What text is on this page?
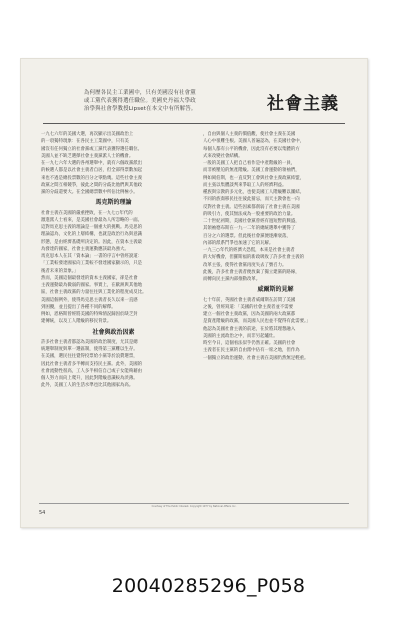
為何歷各民主工業國中，只有美國沒有社會黨
或工黨代表獲得選任職位。美國史丹福大學政
治學與社會學教授Lipset在本文中有所解答。	社會主義

一九七六年的美國大選，再次顯示出美國政治上

的一項獨特現象：在各民主工業國中，只有美

國沒有任何獨立的社會黨或工黨代表獲得選任職位。

美國人並不缺乏選擇社會主義黨派人士的機會。

在一九七六年大選的各州選舉中，就有六個政黨派出

的候選人都是以社會主義者自居，但全部得票數加起

來也不過是總投票數的百分之零點幾。這些社會主義

政黨之間互相競爭，彼此之間的分歧比他們與其他政

黨的分歧還要大。在全國總票數中所佔比例極小。

馬克斯的理論

社會主義在美國的嚴重挫敗，在一九七○年代的

激進派人士看來，是美國社會最為人所忽略的一面。

這對馬克思主義的理論是一個重大的挑戰。馬克思的

理論認為，文化的上層結構，也就是政治行為與意識

形態，是由經濟基礎所決定的。因此，在資本主義最

為發達的國家，社會主義運動應該最為強大。

馬克思本人在其「資本論」一書的序言中曾經說道：

「工業較發達國家向工業較不發達國家顯示的，只是

後者未來的景象。」

然而，美國這個最發達的資本主義國家，卻是社會

主義運動最為微弱的國家。事實上，在歐洲與其他地

區，社會主義政黨的力量往往與工業化的程度成反比。

美國這個例外，使得馬克思主義者長久以來一直感

到困擾，並且提出了各種不同的解釋。

例如，恩格斯曾經將美國的特殊情況歸因於缺乏封

建傳統，以及工人階級的移民背景。

社會與政治因素

許多社會主義者都認為美國的政治制度，尤其是總

統選舉制度與單一選區制，使得第三黨難以生存。

在美國，選民往往覺得投票給小黨等於浪費選票，

因此社會主義者多半轉而支持民主黨。此外，美國的

社會流動性很高，工人多半相信自己或子女能夠藉由

個人努力而向上爬升，因此對階級意識較為淡薄。

此外，美國工人的生活水準也比其他國家為高。

，自由與個人主義的價值觀，使社會主義在美國

人心中很難生根。美國人普遍認為，在美國社會中，

每個人都有公平的機會，因此沒有必要以集體的方

式來改變社會結構。

一般的美國工人把自己看作是中產階級的一員，

而非被壓迫的無產階級。美國工會運動的領袖們，

例如岡伯斯，也一直反對工會與社會主義政黨結盟，

而主張以集體談判來爭取工人的經濟利益。

種族與宗教的多元化，也使美國工人階級難以團結。

不同的族裔移民往往彼此猜忌，而天主教會也一向

反對社會主義。這些因素都削弱了社會主義在美國

的吸引力，使其無法成為一股重要的政治力量。

二十世紀初期，美國社會黨曾經有過短暫的興盛，

其領袖德布斯在一九一二年的總統選舉中獲得了

百分之六的選票。但此後社會黨便逐漸衰落，

內部的派系鬥爭也加速了它的瓦解。

一九三○年代的經濟大恐慌，本來是社會主義者

的大好機會，但羅斯福的新政吸收了許多社會主義的

改革主張，使得社會黨再度失去了號召力。

此後，許多社會主義者便放棄了獨立建黨的路線，

而轉向民主黨內部推動改革。

威爾斯的見解

七十年前，英國社會主義者威爾斯在訪問了美國

之後，曾經寫道：「美國的社會主義者並不需要

建立一個社會主義政黨，因為美國的兩大政黨都

是資產階級的政黨，而美國人民也並不覺得有此需要。」

他認為美國社會主義的前途，在於將其理想融入

美國的主流政治之中，而非另起爐灶。

時至今日，這個看法似乎仍然正確。美國的社會

主義者在民主黨的自由派中佔有一席之地，但作為

一個獨立的政治運動，社會主義在美國仍然無足輕重。

Courtesy of The Public Interest. Copyright 1977 by National Affairs Inc.
54
20040285296_P058
